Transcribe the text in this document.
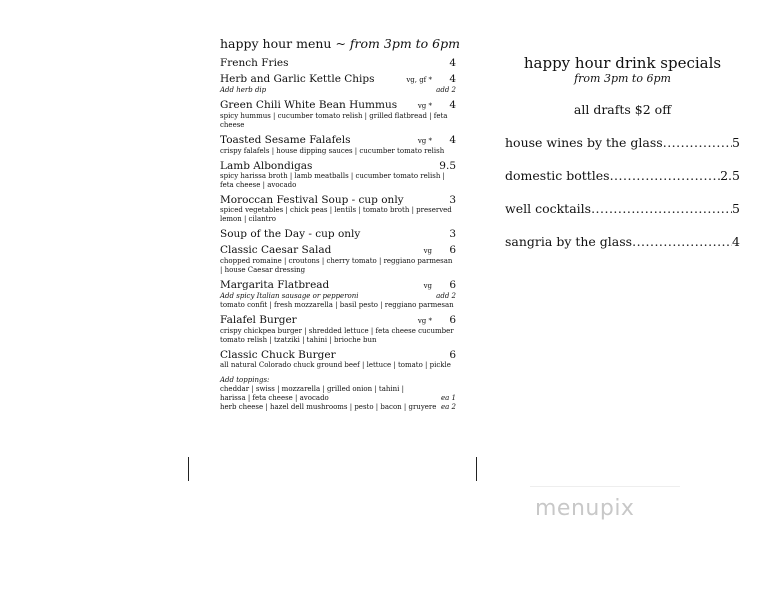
happy hour menu ~ from 3pm to 6pm
French Fries	4
Herb and Garlic Kettle Chips	vg, gf *	4
Add herb dip	add 2
Green Chili White Bean Hummus	vg *	4
spicy hummus | cucumber tomato relish | grilled flatbread | feta cheese
Toasted Sesame Falafels	vg *	4
crispy falafels | house dipping sauces | cucumber tomato relish
Lamb Albondigas	9.5
spicy harissa broth | lamb meatballs | cucumber tomato relish | feta cheese | avocado
Moroccan Festival Soup - cup only	3
spiced vegetables | chick peas | lentils | tomato broth | preserved lemon | cilantro
Soup of the Day - cup only	3
Classic Caesar Salad	vg	6
chopped romaine | croutons | cherry tomato | reggiano parmesan | house Caesar dressing
Margarita Flatbread	vg	6
Add spicy Italian sausage or pepperoni	add 2
tomato confit | fresh mozzarella | basil pesto | reggiano parmesan
Falafel Burger	vg *	6
crispy chickpea burger | shredded lettuce | feta cheese cucumber tomato relish | tzatziki | tahini | brioche bun
Classic Chuck Burger	6
all natural Colorado chuck ground beef | lettuce | tomato | pickle
Add toppings:
cheddar | swiss | mozzarella | grilled onion | tahini |
harissa | feta cheese | avocado	ea 1
herb cheese | hazel dell mushrooms | pesto | bacon | gruyere ea 2
happy hour drink specials
from 3pm to 6pm
all drafts $2 off
house wines by the glass .....	5
domestic bottles .....	2.5
well cocktails .....	5
sangria by the glass .....	4
menupix
